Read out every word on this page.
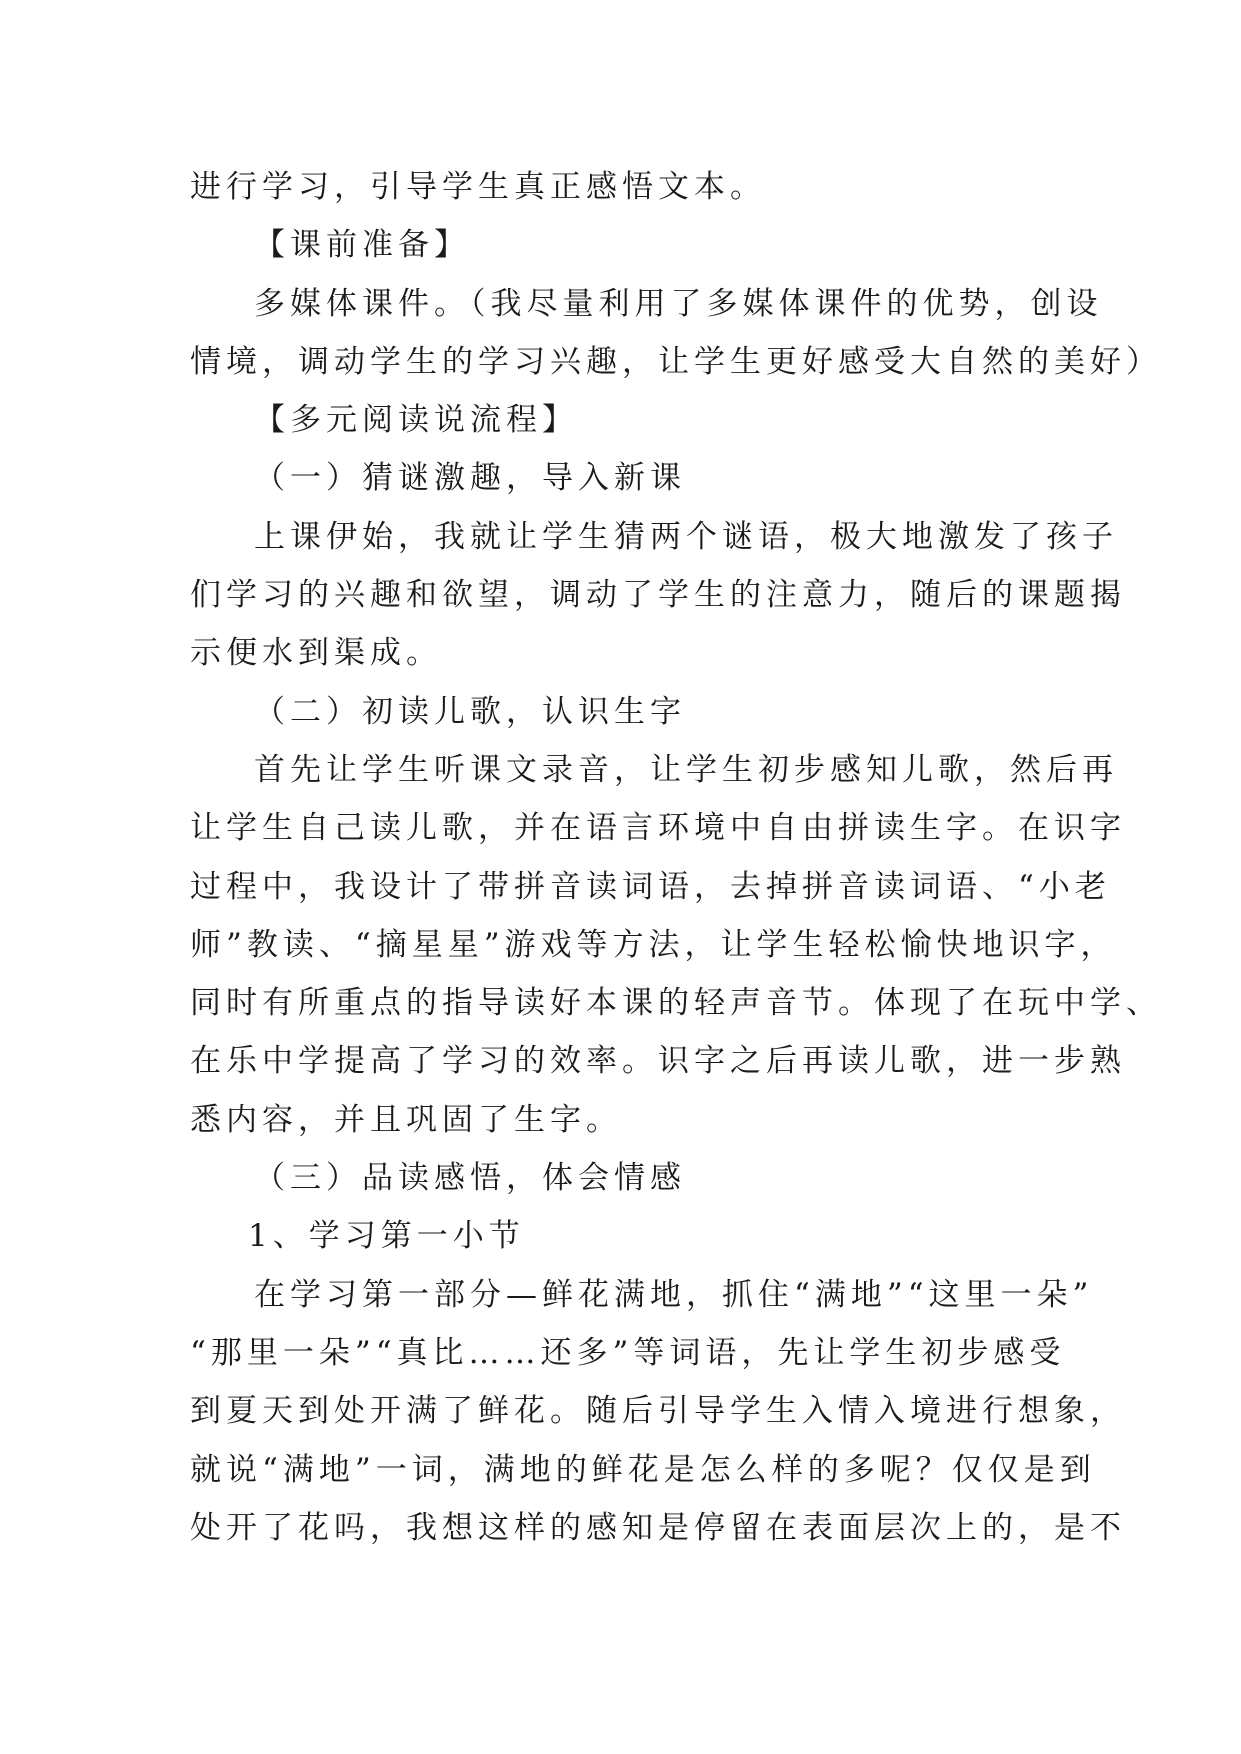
进行学习，引导学生真正感悟文本。
【课前准备】
多媒体课件。（我尽量利用了多媒体课件的优势，创设
情境，调动学生的学习兴趣，让学生更好感受大自然的美好）
【多元阅读说流程】
（一）猜谜激趣，导入新课
上课伊始，我就让学生猜两个谜语，极大地激发了孩子
们学习的兴趣和欲望，调动了学生的注意力，随后的课题揭
示便水到渠成。
（二）初读儿歌，认识生字
首先让学生听课文录音，让学生初步感知儿歌，然后再
让学生自己读儿歌，并在语言环境中自由拼读生字。在识字
过程中，我设计了带拼音读词语，去掉拼音读词语、“小老
师”教读、“摘星星”游戏等方法，让学生轻松愉快地识字，
同时有所重点的指导读好本课的轻声音节。体现了在玩中学、
在乐中学提高了学习的效率。识字之后再读儿歌，进一步熟
悉内容，并且巩固了生字。
（三）品读感悟，体会情感
1、学习第一小节
在学习第一部分—鲜花满地，抓住“满地”“这里一朵”
“那里一朵”“真比……还多”等词语，先让学生初步感受
到夏天到处开满了鲜花。随后引导学生入情入境进行想象，
就说“满地”一词，满地的鲜花是怎么样的多呢？仅仅是到
处开了花吗，我想这样的感知是停留在表面层次上的，是不
